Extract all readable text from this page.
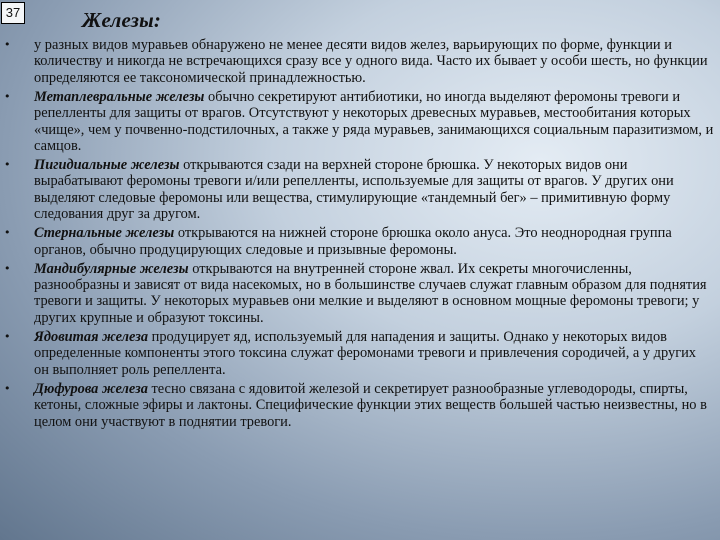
37	Железы:
•	у разных видов муравьев обнаружено не менее десяти видов желез, варьирующих по форме, функции и количеству и никогда не встречающихся сразу все у одного вида. Часто их бывает у особи шесть, но функции определяются ее таксономической принадлежностью.
•	Метаплевральные железы обычно секретируют антибиотики, но иногда выделяют феромоны тревоги и репелленты для защиты от врагов. Отсутствуют у некоторых древесных муравьев, местообитания которых «чище», чем у почвенно-подстилочных, а также у ряда муравьев, занимающихся социальным паразитизмом, и самцов.
•	Пигидиальные железы открываются сзади на верхней стороне брюшка. У некоторых видов они вырабатывают феромоны тревоги и/или репелленты, используемые для защиты от врагов. У других они выделяют следовые феромоны или вещества, стимулирующие «тандемный бег» – примитивную форму следования друг за другом.
•	Стернальные железы открываются на нижней стороне брюшка около ануса. Это неоднородная группа органов, обычно продуцирующих следовые и призывные феромоны.
•	Мандибулярные железы открываются на внутренней стороне жвал. Их секреты многочисленны, разнообразны и зависят от вида насекомых, но в большинстве случаев служат главным образом для поднятия тревоги и защиты. У некоторых муравьев они мелкие и выделяют в основном мощные феромоны тревоги; у других крупные и образуют токсины.
•	Ядовитая железа продуцирует яд, используемый для нападения и защиты. Однако у некоторых видов определенные компоненты этого токсина служат феромонами тревоги и привлечения сородичей, а у других он выполняет роль репеллента.
•	Дюфурова железа тесно связана с ядовитой железой и секретирует разнообразные углеводороды, спирты, кетоны, сложные эфиры и лактоны. Специфические функции этих веществ большей частью неизвестны, но в целом они участвуют в поднятии тревоги.
